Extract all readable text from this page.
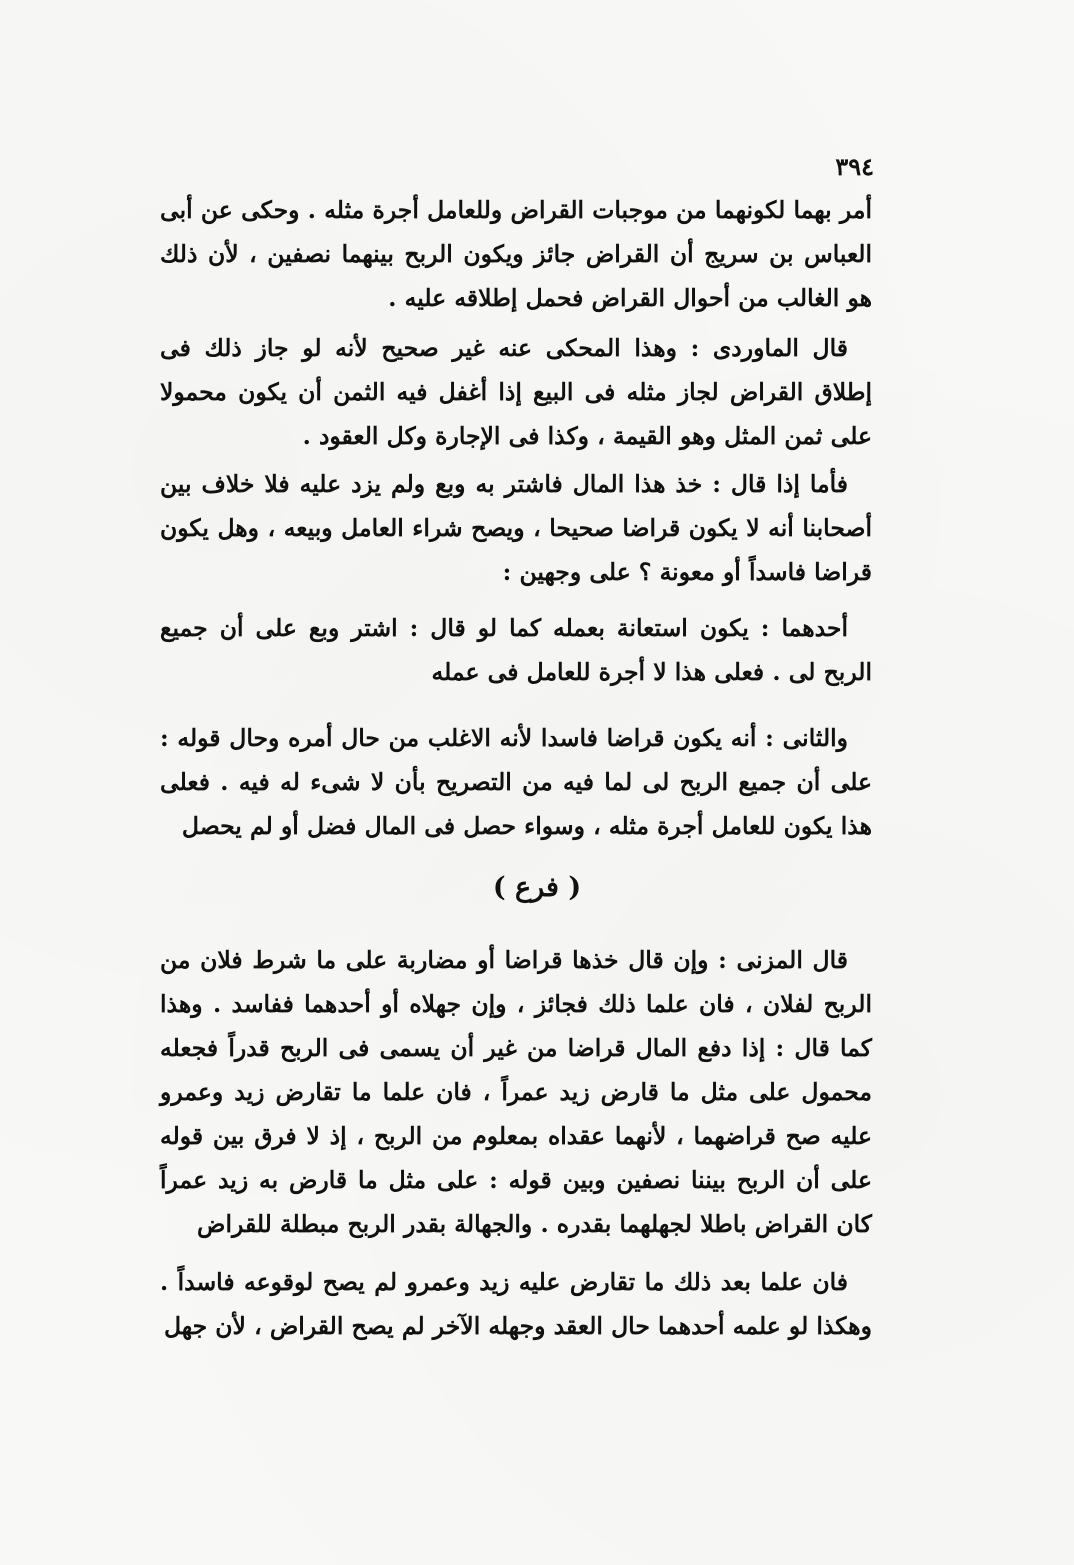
٣٩٤

أمر بهما لكونهما من موجبات القراض وللعامل أجرة مثله . وحكى عن أبى العباس بن سريج أن القراض جائز ويكون الربح بينهما نصفين ، لأن ذلك هو الغالب من أحوال القراض فحمل إطلاقه عليه .

قال الماوردى : وهذا المحكى عنه غير صحيح لأنه لو جاز ذلك فى إطلاق القراض لجاز مثله فى البيع إذا أغفل فيه الثمن أن يكون محمولا على ثمن المثل وهو القيمة ، وكذا فى الإجارة وكل العقود .

فأما إذا قال : خذ هذا المال فاشتر به وبع ولم يزد عليه فلا خلاف بين أصحابنا أنه لا يكون قراضا صحيحا ، ويصح شراء العامل وبيعه ، وهل يكون قراضا فاسداً أو معونة ؟ على وجهين :

أحدهما : يكون استعانة بعمله كما لو قال : اشتر وبع على أن جميع الربح لى . فعلى هذا لا أجرة للعامل فى عمله

والثانى : أنه يكون قراضا فاسدا لأنه الاغلب من حال أمره وحال قوله : على أن جميع الربح لى لما فيه من التصريح بأن لا شىء له فيه . فعلى هذا يكون للعامل أجرة مثله ، وسواء حصل فى المال فضل أو لم يحصل

( فرع )

قال المزنى : وإن قال خذها قراضا أو مضاربة على ما شرط فلان من الربح لفلان ، فان علما ذلك فجائز ، وإن جهلاه أو أحدهما ففاسد . وهذا كما قال : إذا دفع المال قراضا من غير أن يسمى فى الربح قدراً فجعله محمول على مثل ما قارض زيد عمراً ، فان علما ما تقارض زيد وعمرو عليه صح قراضهما ، لأنهما عقداه بمعلوم من الربح ، إذ لا فرق بين قوله على أن الربح بيننا نصفين وبين قوله : على مثل ما قارض به زيد عمراً كان القراض باطلا لجهلهما بقدره . والجهالة بقدر الربح مبطلة للقراض

فان علما بعد ذلك ما تقارض عليه زيد وعمرو لم يصح لوقوعه فاسداً . وهكذا لو علمه أحدهما حال العقد وجهله الآخر لم يصح القراض ، لأن جهل
